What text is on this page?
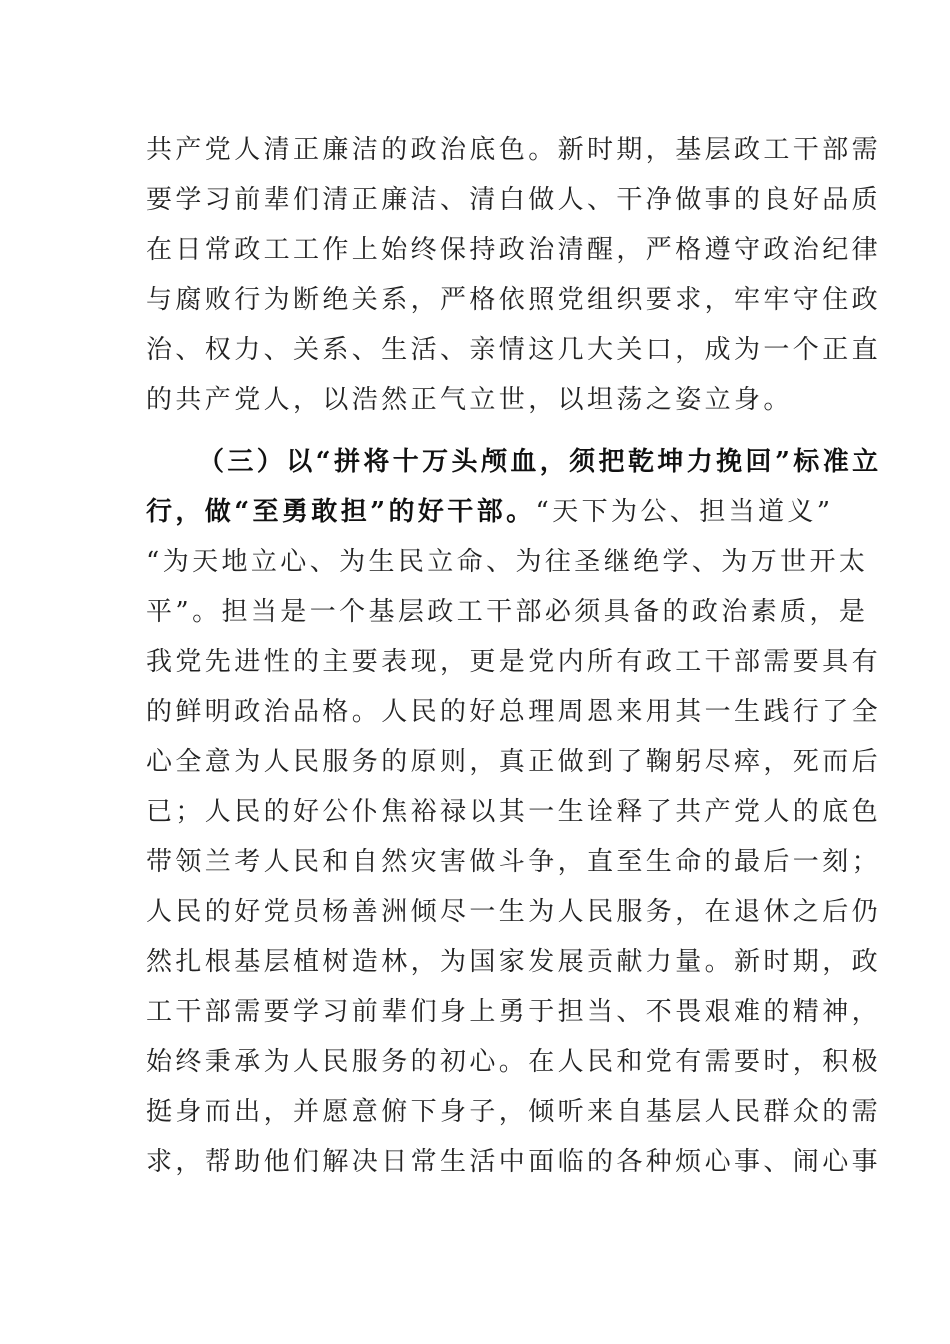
共产党人清正廉洁的政治底色。新时期，基层政工干部需
要学习前辈们清正廉洁、清白做人、干净做事的良好品质
在日常政工工作上始终保持政治清醒，严格遵守政治纪律
与腐败行为断绝关系，严格依照党组织要求，牢牢守住政
治、权力、关系、生活、亲情这几大关口，成为一个正直
的共产党人，以浩然正气立世，以坦荡之姿立身。
（三）以“拼将十万头颅血，须把乾坤力挽回”标准立
行，做“至勇敢担”的好干部。“天下为公、担当道义”
“为天地立心、为生民立命、为往圣继绝学、为万世开太
平”。担当是一个基层政工干部必须具备的政治素质，是
我党先进性的主要表现，更是党内所有政工干部需要具有
的鲜明政治品格。人民的好总理周恩来用其一生践行了全
心全意为人民服务的原则，真正做到了鞠躬尽瘁，死而后
已；人民的好公仆焦裕禄以其一生诠释了共产党人的底色
带领兰考人民和自然灾害做斗争，直至生命的最后一刻；
人民的好党员杨善洲倾尽一生为人民服务，在退休之后仍
然扎根基层植树造林，为国家发展贡献力量。新时期，政
工干部需要学习前辈们身上勇于担当、不畏艰难的精神，
始终秉承为人民服务的初心。在人民和党有需要时，积极
挺身而出，并愿意俯下身子，倾听来自基层人民群众的需
求，帮助他们解决日常生活中面临的各种烦心事、闹心事
